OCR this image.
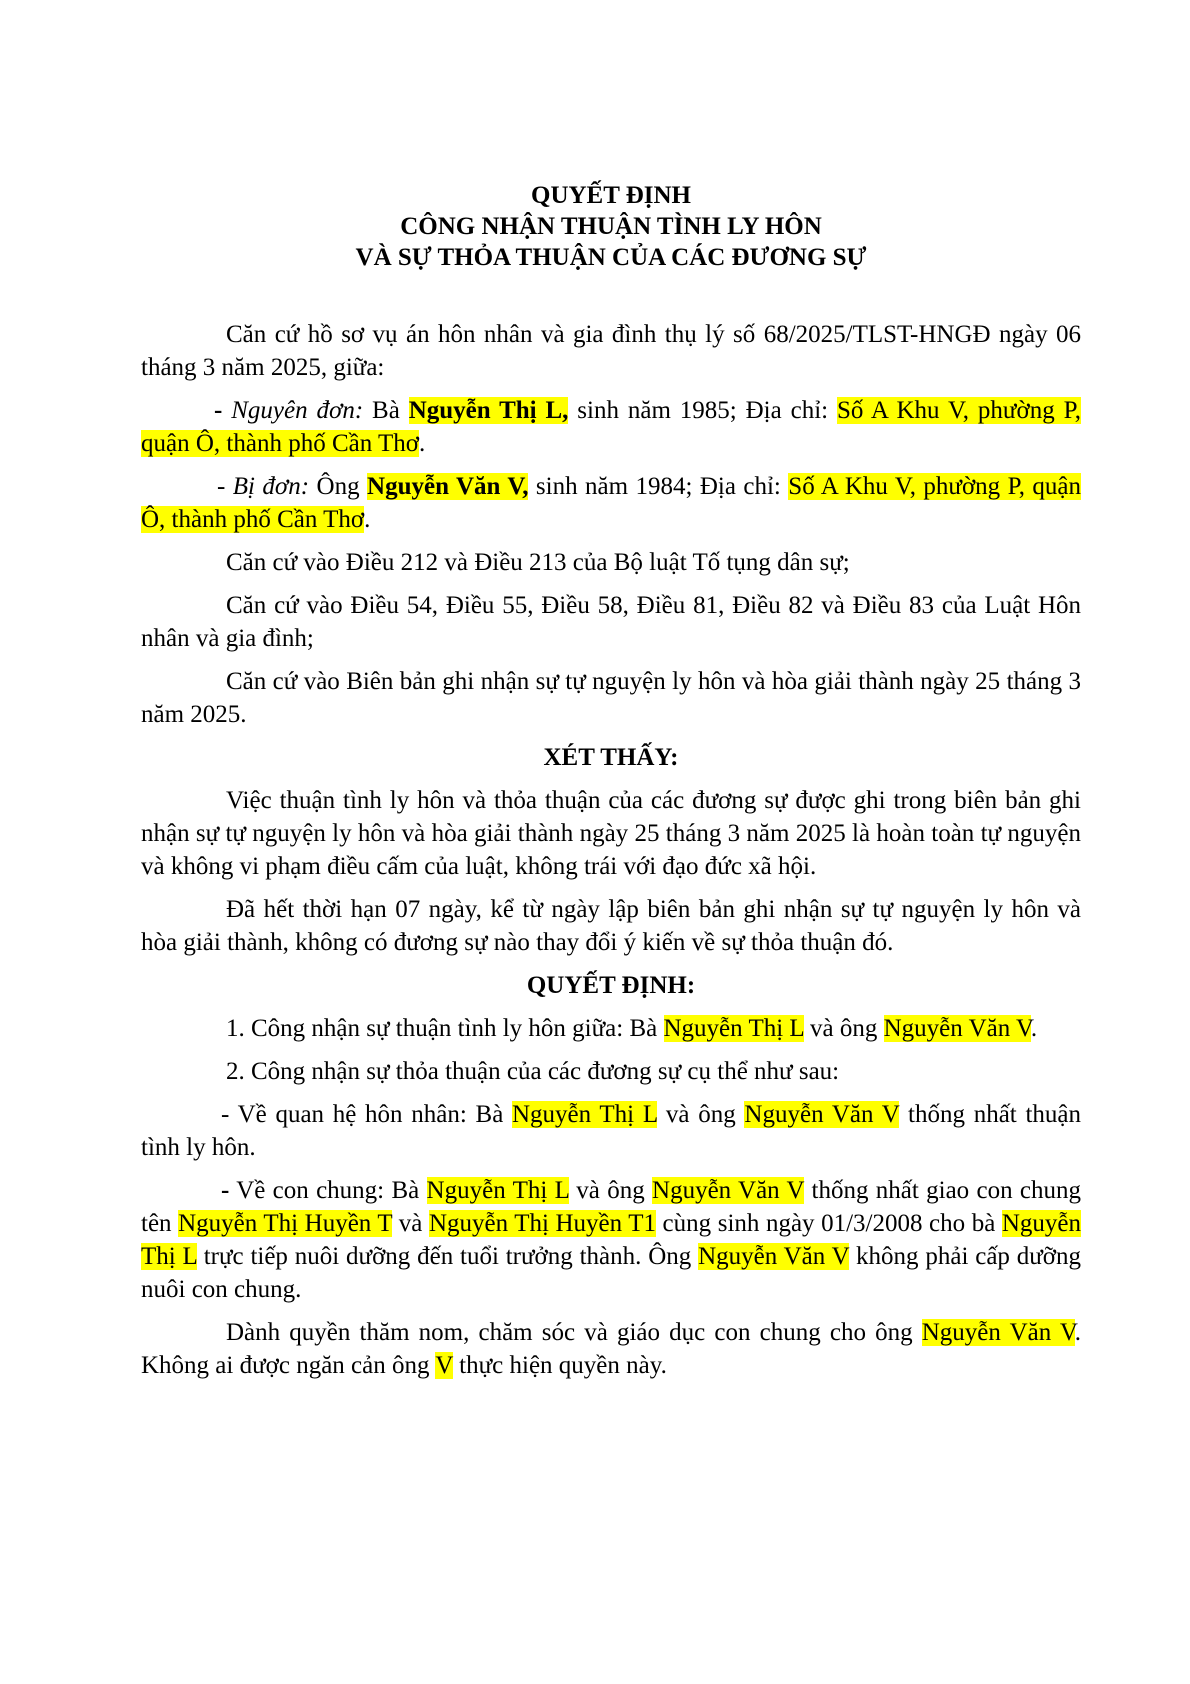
QUYẾT ĐỊNH
CÔNG NHẬN THUẬN TÌNH LY HÔN
VÀ SỰ THỎA THUẬN CỦA CÁC ĐƯƠNG SỰ

Căn cứ hồ sơ vụ án hôn nhân và gia đình thụ lý số 68/2025/TLST-HNGĐ ngày 06 tháng 3 năm 2025, giữa:

- Nguyên đơn: Bà Nguyễn Thị L, sinh năm 1985; Địa chỉ: Số A Khu V, phường P, quận Ô, thành phố Cần Thơ.

- Bị đơn: Ông Nguyễn Văn V, sinh năm 1984; Địa chỉ: Số A Khu V, phường P, quận Ô, thành phố Cần Thơ.

Căn cứ vào Điều 212 và Điều 213 của Bộ luật Tố tụng dân sự;

Căn cứ vào Điều 54, Điều 55, Điều 58, Điều 81, Điều 82 và Điều 83 của Luật Hôn nhân và gia đình;

Căn cứ vào Biên bản ghi nhận sự tự nguyện ly hôn và hòa giải thành ngày 25 tháng 3 năm 2025.

XÉT THẤY:

Việc thuận tình ly hôn và thỏa thuận của các đương sự được ghi trong biên bản ghi nhận sự tự nguyện ly hôn và hòa giải thành ngày 25 tháng 3 năm 2025 là hoàn toàn tự nguyện và không vi phạm điều cấm của luật, không trái với đạo đức xã hội.

Đã hết thời hạn 07 ngày, kể từ ngày lập biên bản ghi nhận sự tự nguyện ly hôn và hòa giải thành, không có đương sự nào thay đổi ý kiến về sự thỏa thuận đó.

QUYẾT ĐỊNH:

1. Công nhận sự thuận tình ly hôn giữa: Bà Nguyễn Thị L và ông Nguyễn Văn V.

2. Công nhận sự thỏa thuận của các đương sự cụ thể như sau:

- Về quan hệ hôn nhân: Bà Nguyễn Thị L và ông Nguyễn Văn V thống nhất thuận tình ly hôn.

- Về con chung: Bà Nguyễn Thị L và ông Nguyễn Văn V thống nhất giao con chung tên Nguyễn Thị Huyền T và Nguyễn Thị Huyền T1 cùng sinh ngày 01/3/2008 cho bà Nguyễn Thị L trực tiếp nuôi dưỡng đến tuổi trưởng thành. Ông Nguyễn Văn V không phải cấp dưỡng nuôi con chung.

Dành quyền thăm nom, chăm sóc và giáo dục con chung cho ông Nguyễn Văn V. Không ai được ngăn cản ông V thực hiện quyền này.
